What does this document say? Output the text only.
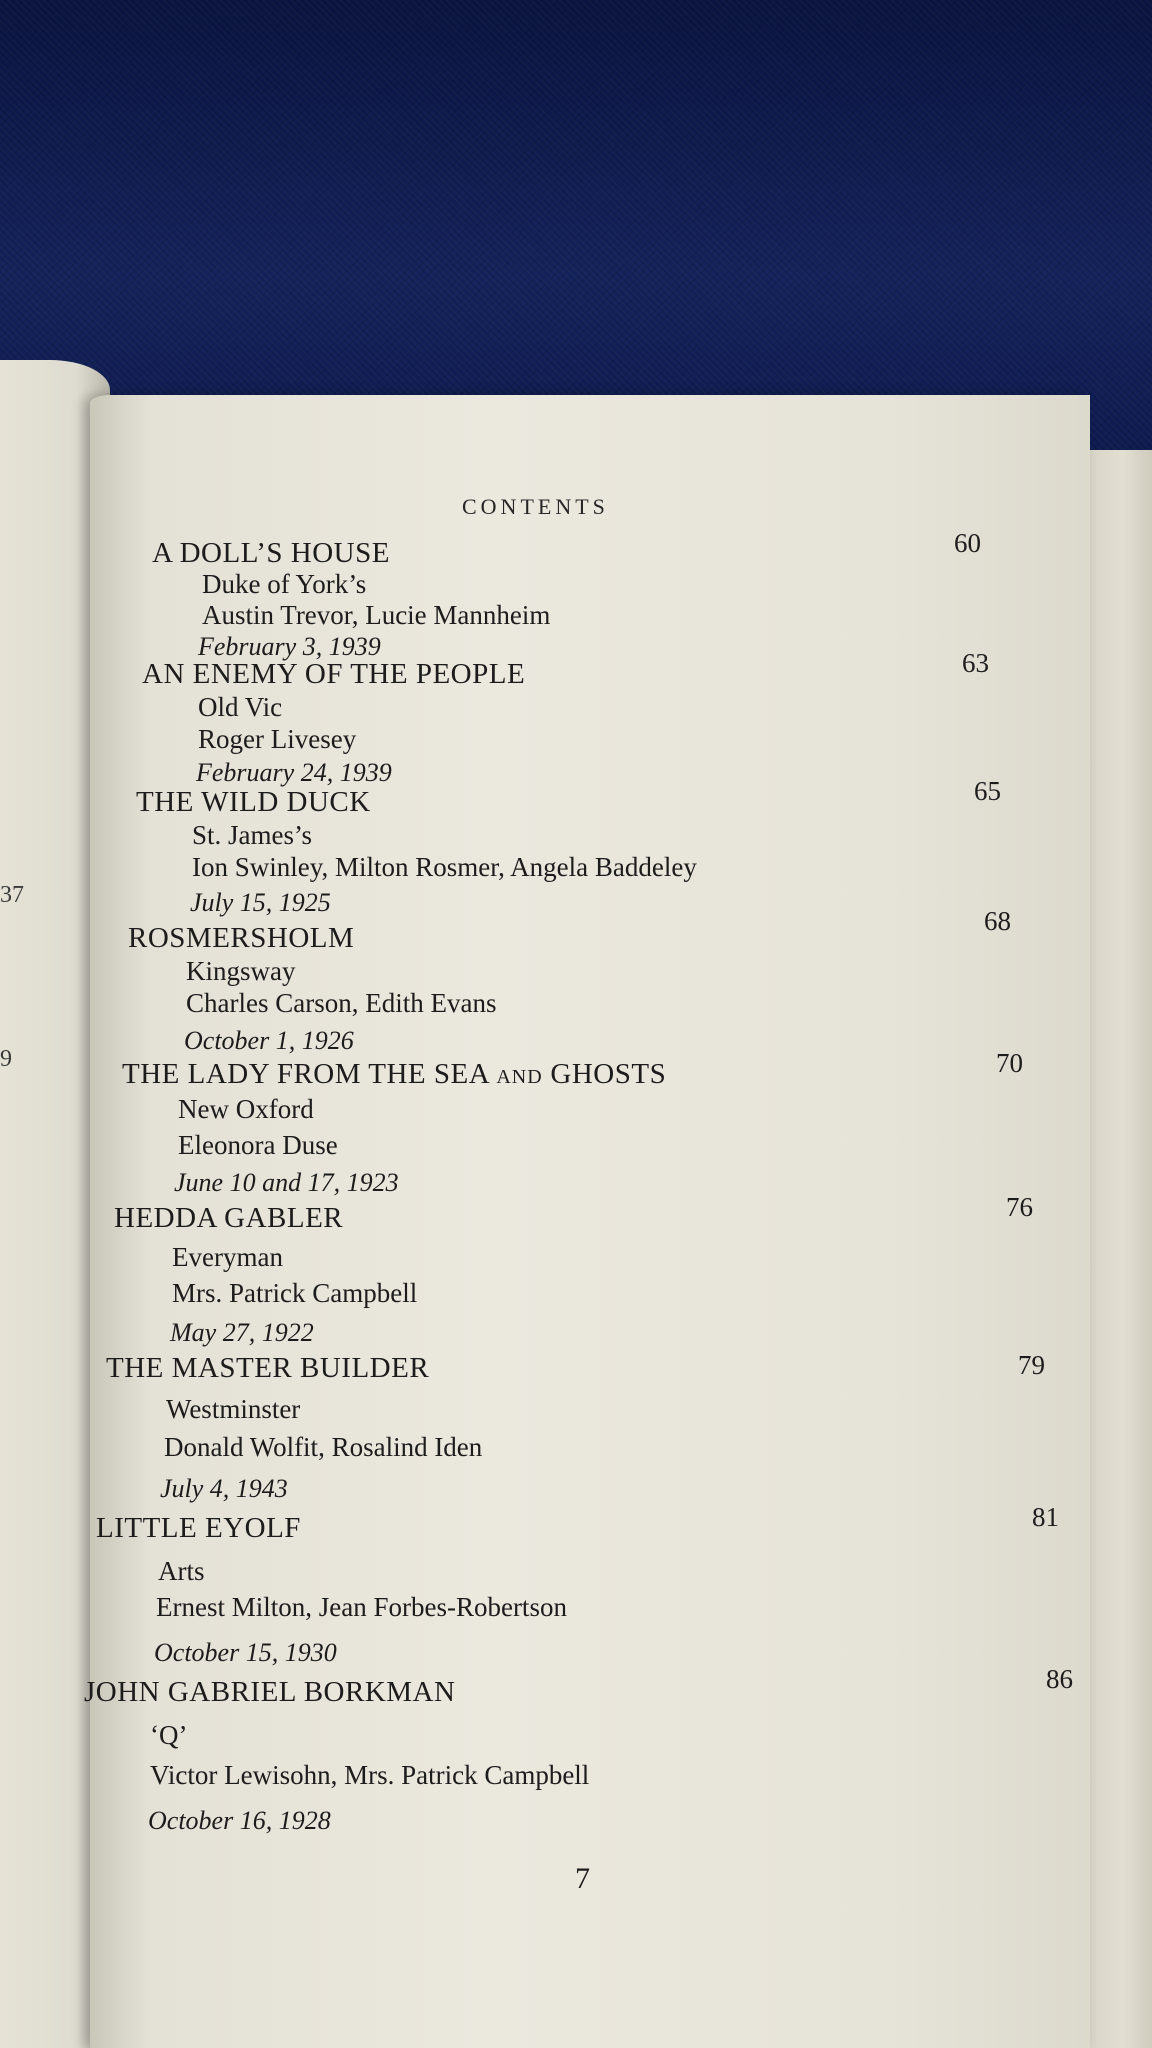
37
9
CONTENTS
A DOLL’S HOUSE
Duke of York’s
Austin Trevor, Lucie Mannheim
February 3, 1939
60
AN ENEMY OF THE PEOPLE
Old Vic
Roger Livesey
February 24, 1939
63
THE WILD DUCK
St. James’s
Ion Swinley, Milton Rosmer, Angela Baddeley
July 15, 1925
65
ROSMERSHOLM
Kingsway
Charles Carson, Edith Evans
October 1, 1926
68
THE LADY FROM THE SEA AND GHOSTS
New Oxford
Eleonora Duse
June 10 and 17, 1923
70
HEDDA GABLER
Everyman
Mrs. Patrick Campbell
May 27, 1922
76
THE MASTER BUILDER
Westminster
Donald Wolfit, Rosalind Iden
July 4, 1943
79
LITTLE EYOLF
Arts
Ernest Milton, Jean Forbes-Robertson
October 15, 1930
81
JOHN GABRIEL BORKMAN
‘Q’
Victor Lewisohn, Mrs. Patrick Campbell
October 16, 1928
86
7
